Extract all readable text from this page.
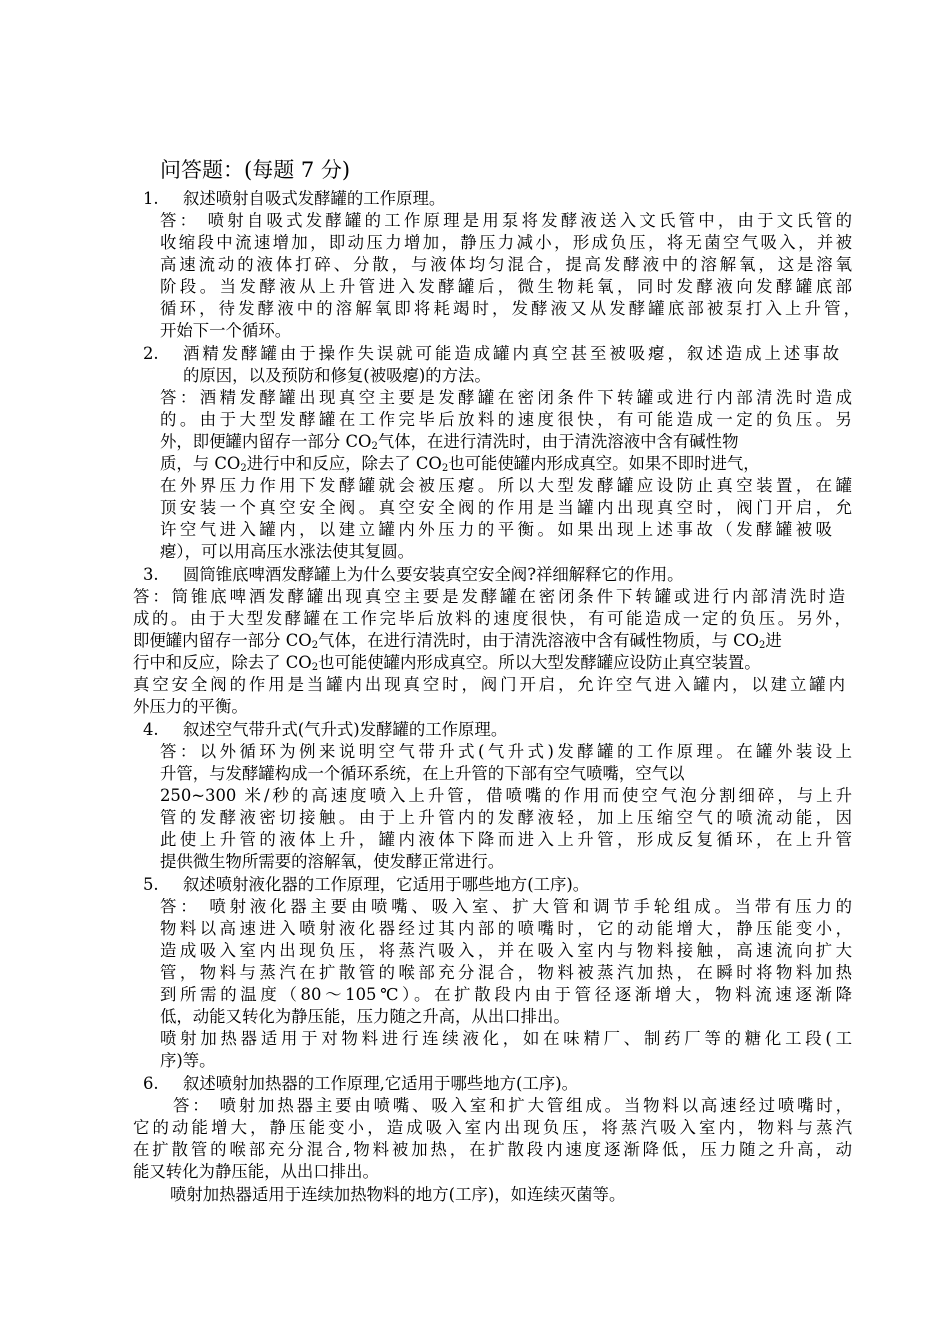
问答题：(每题 7 分)
1. 叙述喷射自吸式发酵罐的工作原理。
答： 喷射自吸式发酵罐的工作原理是用泵将发酵液送入文氏管中，由于文氏管的
收缩段中流速增加，即动压力增加，静压力减小，形成负压，将无菌空气吸入，并被
高速流动的液体打碎、分散，与液体均匀混合，提高发酵液中的溶解氧，这是溶氧
阶段。当发酵液从上升管进入发酵罐后，微生物耗氧，同时发酵液向发酵罐底部
循环，待发酵液中的溶解氧即将耗竭时，发酵液又从发酵罐底部被泵打入上升管，
开始下一个循环。
2. 酒精发酵罐由于操作失误就可能造成罐内真空甚至被吸瘪，叙述造成上述事故
的原因，以及预防和修复(被吸瘪)的方法。
答：酒精发酵罐出现真空主要是发酵罐在密闭条件下转罐或进行内部清洗时造成
的。由于大型发酵罐在工作完毕后放料的速度很快，有可能造成一定的负压。另
外，即便罐内留存一部分 $CO_2$气体，在进行清洗时，由于清洗溶液中含有碱性物
质，与 $CO_2$进行中和反应，除去了 $CO_2$也可能使罐内形成真空。如果不即时进气，
在外界压力作用下发酵罐就会被压瘪。所以大型发酵罐应设防止真空装置，在罐
顶安装一个真空安全阀。真空安全阀的作用是当罐内出现真空时，阀门开启，允
许空气进入罐内，以建立罐内外压力的平衡。如果出现上述事故（发酵罐被吸
瘪），可以用高压水涨法使其复圆。
3. 圆筒锥底啤酒发酵罐上为什么要安装真空安全阀?祥细解释它的作用。
答：筒锥底啤酒发酵罐出现真空主要是发酵罐在密闭条件下转罐或进行内部清洗时造
成的。由于大型发酵罐在工作完毕后放料的速度很快，有可能造成一定的负压。另外，
即便罐内留存一部分 $CO_2$气体，在进行清洗时，由于清洗溶液中含有碱性物质，与 $CO_2$进
行中和反应，除去了 $CO_2$也可能使罐内形成真空。所以大型发酵罐应设防止真空装置。
真空安全阀的作用是当罐内出现真空时，阀门开启，允许空气进入罐内，以建立罐内
外压力的平衡。
4. 叙述空气带升式(气升式)发酵罐的工作原理。
答：以外循环为例来说明空气带升式(气升式)发酵罐的工作原理。在罐外装设上
升管，与发酵罐构成一个循环系统，在上升管的下部有空气喷嘴，空气以
250~300 米/秒的高速度喷入上升管，借喷嘴的作用而使空气泡分割细碎，与上升
管的发酵液密切接触。由于上升管内的发酵液轻，加上压缩空气的喷流动能，因
此使上升管的液体上升，罐内液体下降而进入上升管，形成反复循环，在上升管
提供微生物所需要的溶解氧，使发酵正常进行。
5. 叙述喷射液化器的工作原理，它适用于哪些地方(工序)。
答： 喷射液化器主要由喷嘴、吸入室、扩大管和调节手轮组成。当带有压力的
物料以高速进入喷射液化器经过其内部的喷嘴时，它的动能增大，静压能变小，
造成吸入室内出现负压，将蒸汽吸入，并在吸入室内与物料接触，高速流向扩大
管，物料与蒸汽在扩散管的喉部充分混合，物料被蒸汽加热，在瞬时将物料加热
到所需的温度（80～105℃）。在扩散段内由于管径逐渐增大，物料流速逐渐降
低，动能又转化为静压能，压力随之升高，从出口排出。
喷射加热器适用于对物料进行连续液化，如在味精厂、制药厂等的糖化工段(工
序)等。
6. 叙述喷射加热器的工作原理,它适用于哪些地方(工序)。
答： 喷射加热器主要由喷嘴、吸入室和扩大管组成。当物料以高速经过喷嘴时，
它的动能增大，静压能变小，造成吸入室内出现负压，将蒸汽吸入室内，物料与蒸汽
在扩散管的喉部充分混合,物料被加热，在扩散段内速度逐渐降低，压力随之升高，动
能又转化为静压能，从出口排出。
喷射加热器适用于连续加热物料的地方(工序)，如连续灭菌等。
